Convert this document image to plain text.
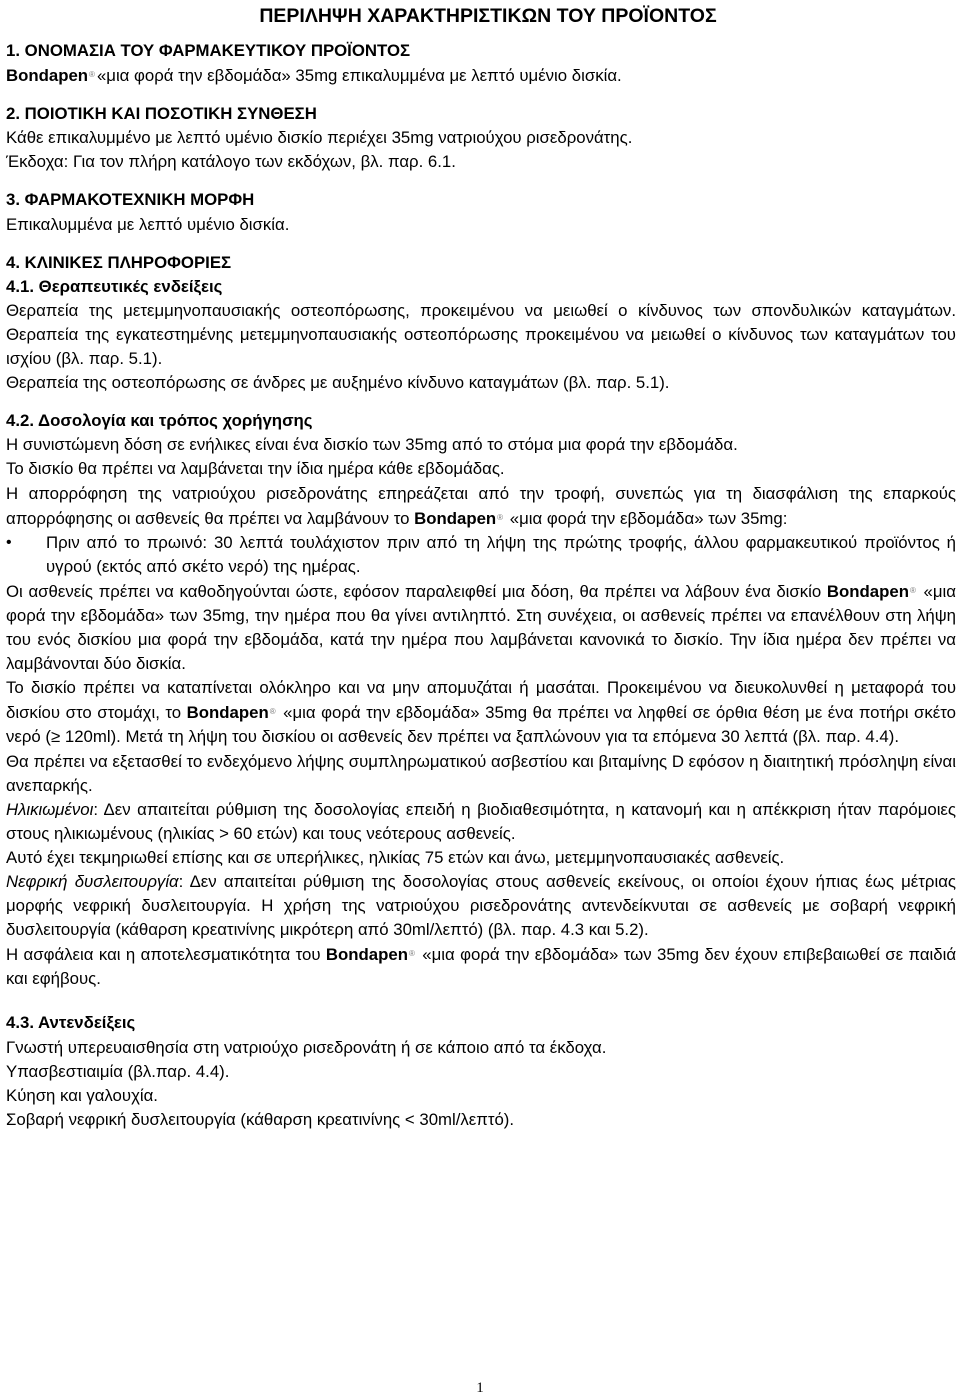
ΠΕΡΙΛΗΨΗ ΧΑΡΑΚΤΗΡΙΣΤΙΚΩΝ ΤΟΥ ΠΡΟΪΟΝΤΟΣ

1. ΟΝΟΜΑΣΙΑ ΤΟΥ ΦΑΡΜΑΚΕΥΤΙΚΟΥ ΠΡΟΪΟΝΤΟΣ

Bondapen® «μια φορά την εβδομάδα» 35mg επικαλυμμένα με λεπτό υμένιο δισκία.

2. ΠΟΙΟΤΙΚΗ ΚΑΙ ΠΟΣΟΤΙΚΗ ΣΥΝΘΕΣΗ

Κάθε επικαλυμμένο με λεπτό υμένιο δισκίο περιέχει 35mg νατριούχου ρισεδρονάτης.

Έκδοχα: Για τον πλήρη κατάλογο των εκδόχων, βλ. παρ. 6.1.

3. ΦΑΡΜΑΚΟΤΕΧΝΙΚΗ ΜΟΡΦΗ

Επικαλυμμένα με λεπτό υμένιο δισκία.

4. ΚΛΙΝΙΚΕΣ ΠΛΗΡΟΦΟΡΙΕΣ

4.1. Θεραπευτικές ενδείξεις

Θεραπεία της μετεμμηνοπαυσιακής οστεοπόρωσης, προκειμένου να μειωθεί ο κίνδυνος των σπονδυλικών καταγμάτων. Θεραπεία της εγκατεστημένης μετεμμηνοπαυσιακής οστεοπόρωσης προκειμένου να μειωθεί ο κίνδυνος των καταγμάτων του ισχίου (βλ. παρ. 5.1).

Θεραπεία της οστεοπόρωσης σε άνδρες με αυξημένο κίνδυνο καταγμάτων (βλ. παρ. 5.1).

4.2. Δοσολογία και τρόπος χορήγησης

Η συνιστώμενη δόση σε ενήλικες είναι ένα δισκίο των 35mg από το στόμα μια φορά την εβδομάδα.

Το δισκίο θα πρέπει να λαμβάνεται την ίδια ημέρα κάθε εβδομάδας.

Η απορρόφηση της νατριούχου ρισεδρονάτης επηρεάζεται από την τροφή, συνεπώς για τη διασφάλιση της επαρκούς απορρόφησης οι ασθενείς θα πρέπει να λαμβάνουν το Bondapen® «μια φορά την εβδομάδα» των 35mg:

•	Πριν από το πρωινό: 30 λεπτά τουλάχιστον πριν από τη λήψη της πρώτης τροφής, άλλου φαρμακευτικού προϊόντος ή υγρού (εκτός από σκέτο νερό) της ημέρας.

Οι ασθενείς πρέπει να καθοδηγούνται ώστε, εφόσον παραλειφθεί μια δόση, θα πρέπει να λάβουν ένα δισκίο Bondapen® «μια φορά την εβδομάδα» των 35mg, την ημέρα που θα γίνει αντιληπτό. Στη συνέχεια, οι ασθενείς πρέπει να επανέλθουν στη λήψη του ενός δισκίου μια φορά την εβδομάδα, κατά την ημέρα που λαμβάνεται κανονικά το δισκίο. Την ίδια ημέρα δεν πρέπει να λαμβάνονται δύο δισκία.

Το δισκίο πρέπει να καταπίνεται ολόκληρο και να μην απομυζάται ή μασάται. Προκειμένου να διευκολυνθεί η μεταφορά του δισκίου στο στομάχι, το Bondapen® «μια φορά την εβδομάδα» 35mg θα πρέπει να ληφθεί σε όρθια θέση με ένα ποτήρι σκέτο νερό (≥ 120ml). Μετά τη λήψη του δισκίου οι ασθενείς δεν πρέπει να ξαπλώνουν για τα επόμενα 30 λεπτά (βλ. παρ. 4.4).

Θα πρέπει να εξετασθεί το ενδεχόμενο λήψης συμπληρωματικού ασβεστίου και βιταμίνης D εφόσον η διαιτητική πρόσληψη είναι ανεπαρκής.

Ηλικιωμένοι: Δεν απαιτείται ρύθμιση της δοσολογίας επειδή η βιοδιαθεσιμότητα, η κατανομή και η απέκκριση ήταν παρόμοιες στους ηλικιωμένους (ηλικίας > 60 ετών) και τους νεότερους ασθενείς.

Αυτό έχει τεκμηριωθεί επίσης και σε υπερήλικες, ηλικίας 75 ετών και άνω, μετεμμηνοπαυσιακές ασθενείς.

Νεφρική δυσλειτουργία: Δεν απαιτείται ρύθμιση της δοσολογίας στους ασθενείς εκείνους, οι οποίοι έχουν ήπιας έως μέτριας μορφής νεφρική δυσλειτουργία. Η χρήση της νατριούχου ρισεδρονάτης αντενδείκνυται σε ασθενείς με σοβαρή νεφρική δυσλειτουργία (κάθαρση κρεατινίνης μικρότερη από 30ml/λεπτό) (βλ. παρ. 4.3 και 5.2).

Η ασφάλεια και η αποτελεσματικότητα του Bondapen® «μια φορά την εβδομάδα» των 35mg δεν έχουν επιβεβαιωθεί σε παιδιά και εφήβους.

4.3. Αντενδείξεις

Γνωστή υπερευαισθησία στη νατριούχο ρισεδρονάτη ή σε κάποιο από τα έκδοχα.

Υπασβεστιαιμία (βλ.παρ. 4.4).

Κύηση και γαλουχία.

Σοβαρή νεφρική δυσλειτουργία (κάθαρση κρεατινίνης < 30ml/λεπτό).

1
